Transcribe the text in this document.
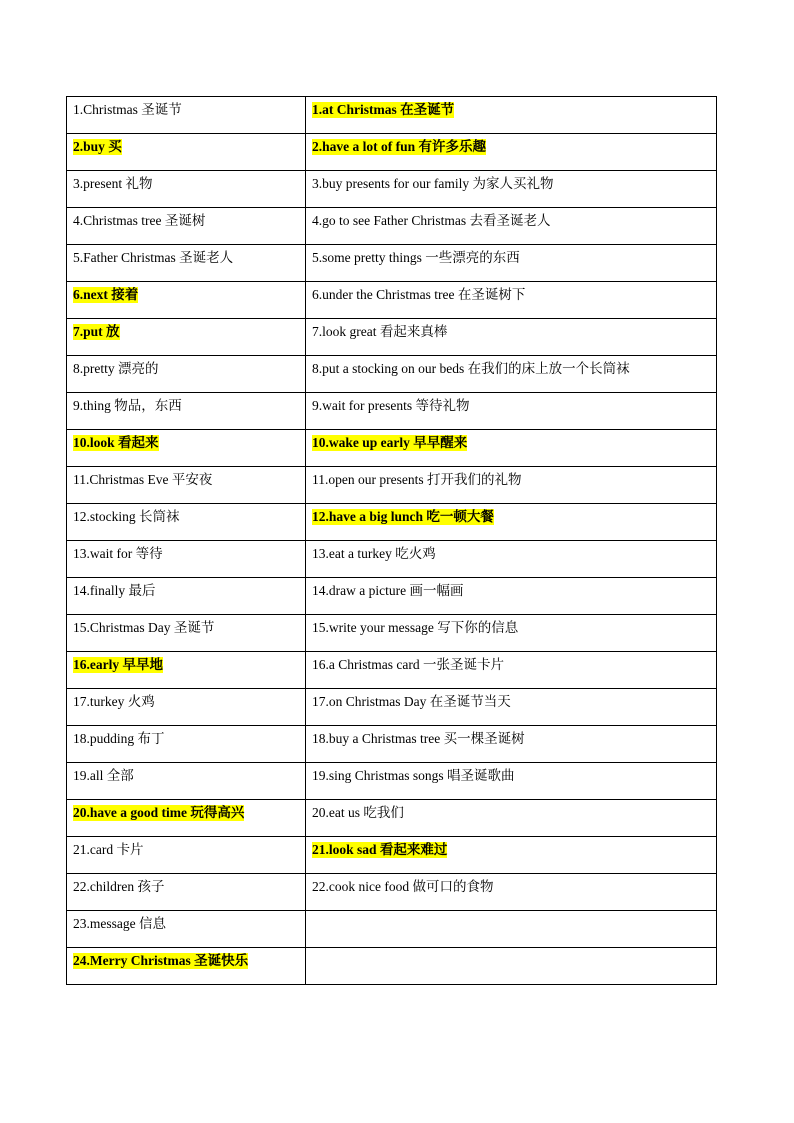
1.Christmas 圣诞节	1.at Christmas 在圣诞节
2.buy 买	2.have a lot of fun 有许多乐趣
3.present 礼物	3.buy presents for our family 为家人买礼物
4.Christmas tree 圣诞树	4.go to see Father Christmas 去看圣诞老人
5.Father Christmas 圣诞老人	5.some pretty things 一些漂亮的东西
6.next 接着	6.under the Christmas tree 在圣诞树下
7.put 放	7.look great 看起来真棒
8.pretty 漂亮的	8.put a stocking on our beds 在我们的床上放一个长筒袜
9.thing 物品，东西	9.wait for presents 等待礼物
10.look 看起来	10.wake up early 早早醒来
11.Christmas Eve 平安夜	11.open our presents 打开我们的礼物
12.stocking 长筒袜	12.have a big lunch 吃一顿大餐
13.wait for 等待	13.eat a turkey 吃火鸡
14.finally 最后	14.draw a picture 画一幅画
15.Christmas Day 圣诞节	15.write your message 写下你的信息
16.early 早早地	16.a Christmas card 一张圣诞卡片
17.turkey 火鸡	17.on Christmas Day 在圣诞节当天
18.pudding 布丁	18.buy a Christmas tree 买一棵圣诞树
19.all 全部	19.sing Christmas songs 唱圣诞歌曲
20.have a good time 玩得高兴	20.eat us 吃我们
21.card 卡片	21.look sad 看起来难过
22.children 孩子	22.cook nice food 做可口的食物
23.message 信息	
24.Merry Christmas 圣诞快乐	
